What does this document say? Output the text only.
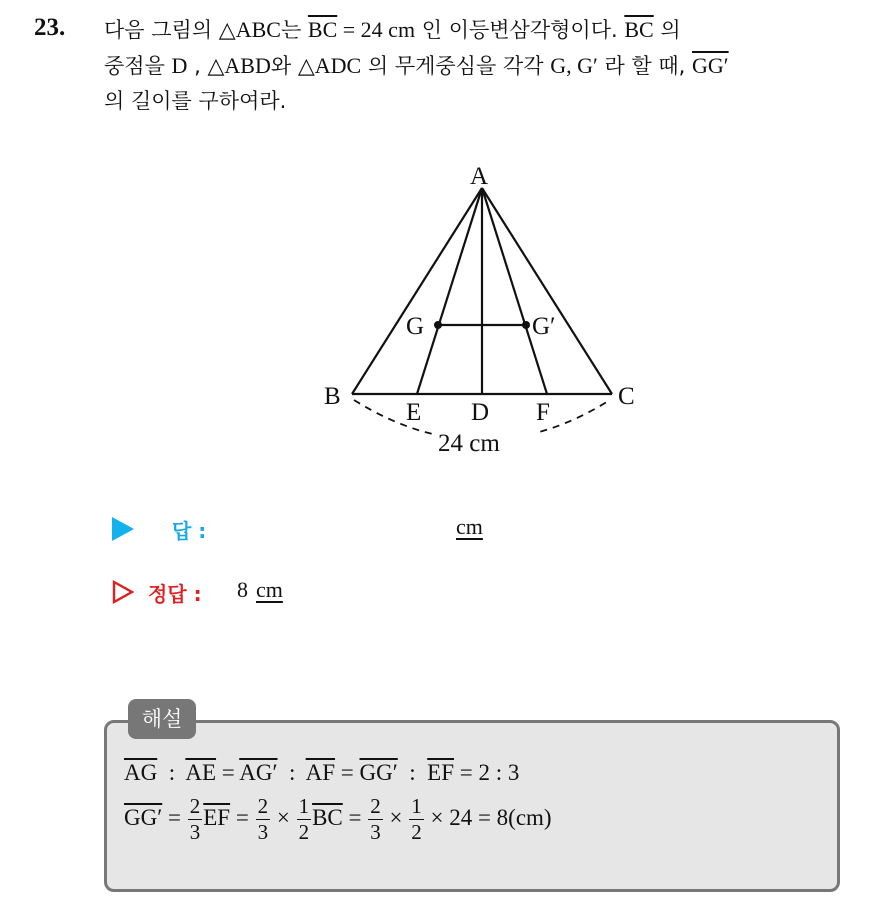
23. 다음 그림의 △ABC는 $\overline{BC} = 24$ cm 인 이등변삼각형이다. $\overline{BC}$ 의
중점을 D , △ABD와 △ADC 의 무게중심을 각각 G, G′ 라 할 때, GG′
의 길이를 구하여라.
A
B	C
D
E	F
G	G′
24 cm
답 :	cm
정답 : 8 cm
해설
$\overline{AG}$  :  $\overline{AE} = AG'$  :  $\overline{AF} = GG'$  :  $\overline{EF} = 2$ : 3
$GG' = \frac{2}{3} \overline{EF} = \frac{2}{3} \times \frac{1}{2} \overline{BC} = \frac{2}{3} \times \frac{1}{2} \times 24 = 8(cm)$
